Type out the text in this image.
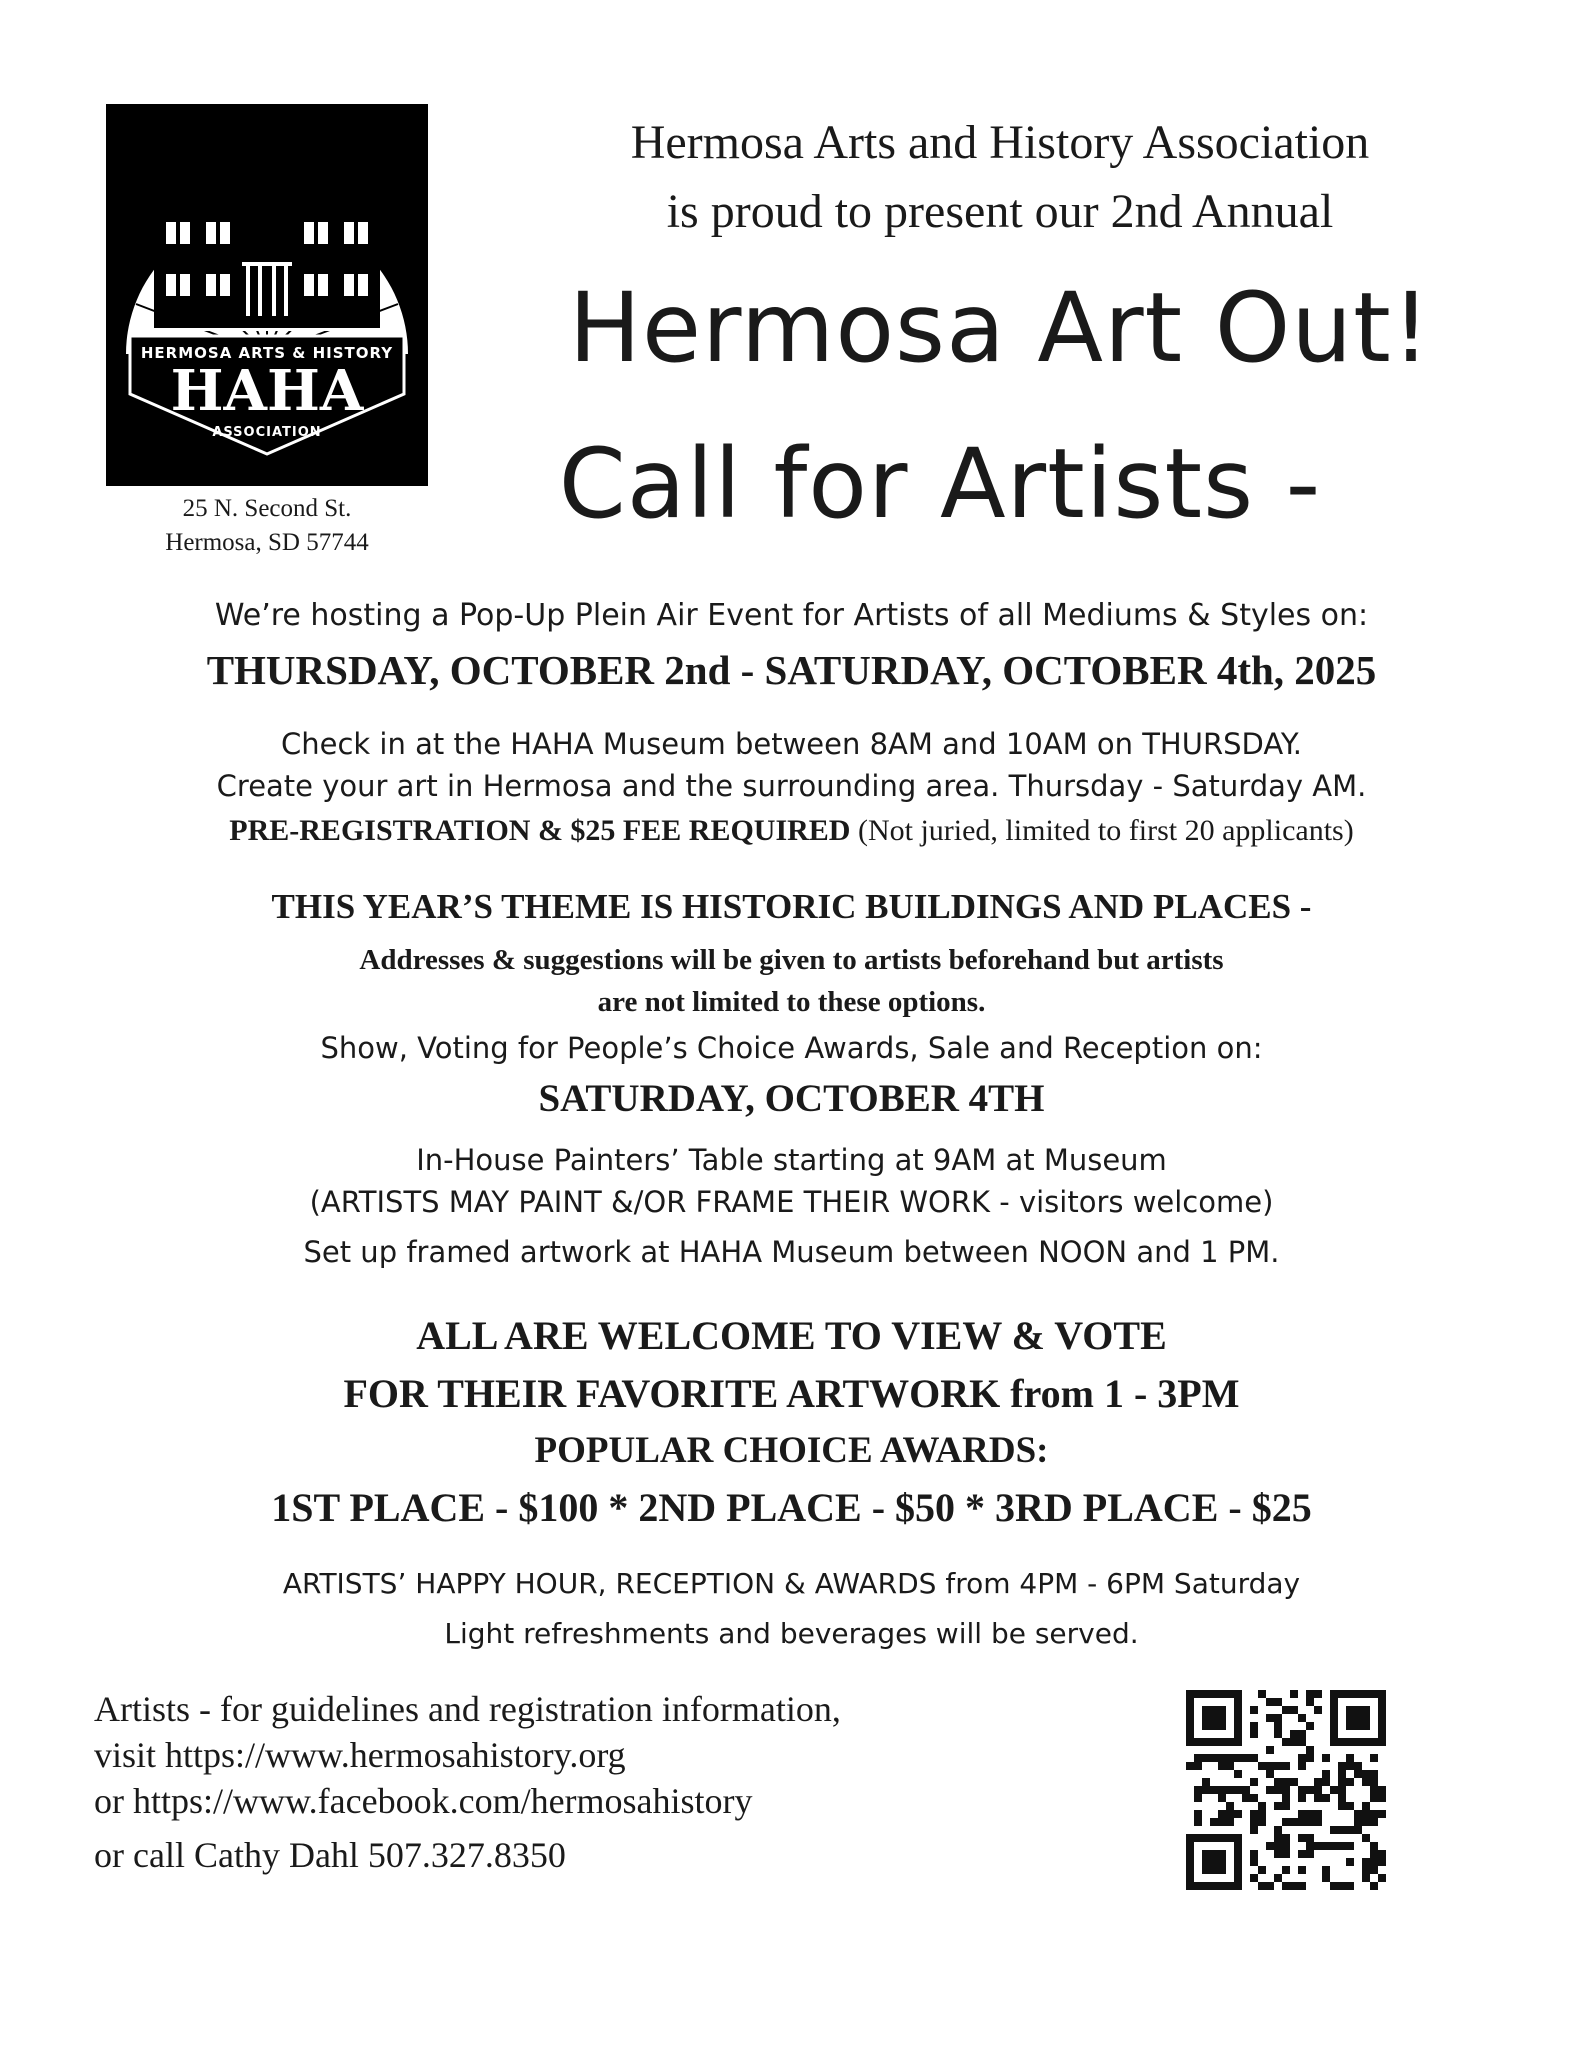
HERMOSA ARTS & HISTORY
HAHA
ASSOCIATION
25 N. Second St.
Hermosa, SD 57744
Hermosa Arts and History Association
is proud to present our 2nd Annual
Hermosa Art Out!
Call for Artists -
We’re hosting a Pop-Up Plein Air Event for Artists of all Mediums & Styles on:
THURSDAY, OCTOBER 2nd - SATURDAY, OCTOBER 4th, 2025
Check in at the HAHA Museum between 8AM and 10AM on THURSDAY.
Create your art in Hermosa and the surrounding area. Thursday - Saturday AM.
PRE-REGISTRATION & $25 FEE REQUIRED (Not juried, limited to first 20 applicants)
THIS YEAR’S THEME IS HISTORIC BUILDINGS AND PLACES -
Addresses & suggestions will be given to artists beforehand but artists
are not limited to these options.
Show, Voting for People’s Choice Awards, Sale and Reception on:
SATURDAY, OCTOBER 4TH
In-House Painters’ Table starting at 9AM at Museum
(ARTISTS MAY PAINT &/OR FRAME THEIR WORK - visitors welcome)
Set up framed artwork at HAHA Museum between NOON and 1 PM.
ALL ARE WELCOME TO VIEW & VOTE
FOR THEIR FAVORITE ARTWORK from 1 - 3PM
POPULAR CHOICE AWARDS:
1ST PLACE - $100 * 2ND PLACE - $50 * 3RD PLACE - $25
ARTISTS’ HAPPY HOUR, RECEPTION & AWARDS from 4PM - 6PM Saturday
Light refreshments and beverages will be served.
Artists - for guidelines and registration information,
visit https://www.hermosahistory.org
or https://www.facebook.com/hermosahistory
or call Cathy Dahl 507.327.8350
